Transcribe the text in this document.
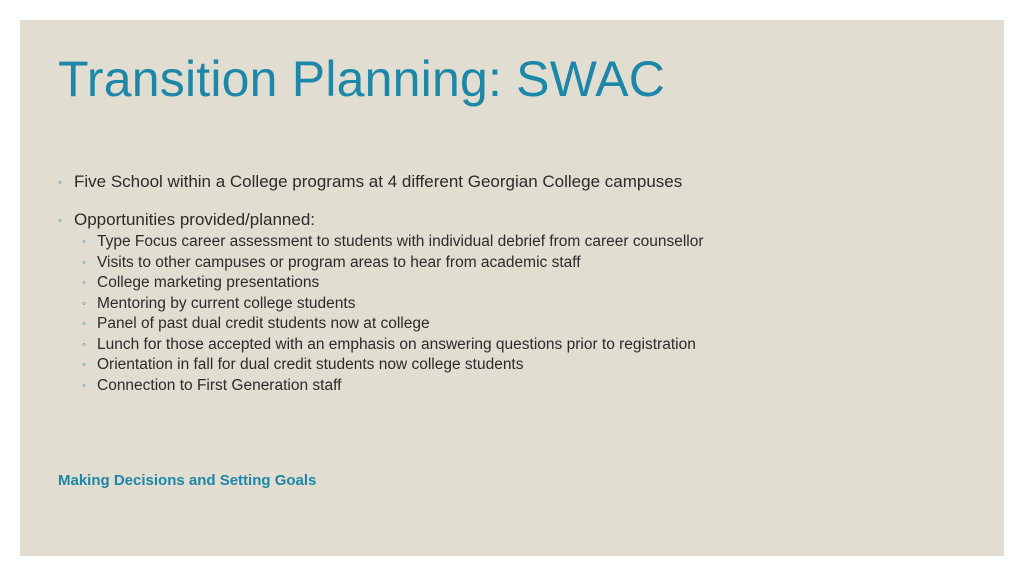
Transition Planning: SWAC
◦ Five School within a College programs at 4 different Georgian College campuses
◦ Opportunities provided/planned:
◦ Type Focus career assessment to students with individual debrief from career counsellor
◦ Visits to other campuses or program areas to hear from academic staff
◦ College marketing presentations
◦ Mentoring by current college students
◦ Panel of past dual credit students now at college
◦ Lunch for those accepted with an emphasis on answering questions prior to registration
◦ Orientation in fall for dual credit students now college students
◦ Connection to First Generation staff
Making Decisions and Setting Goals
